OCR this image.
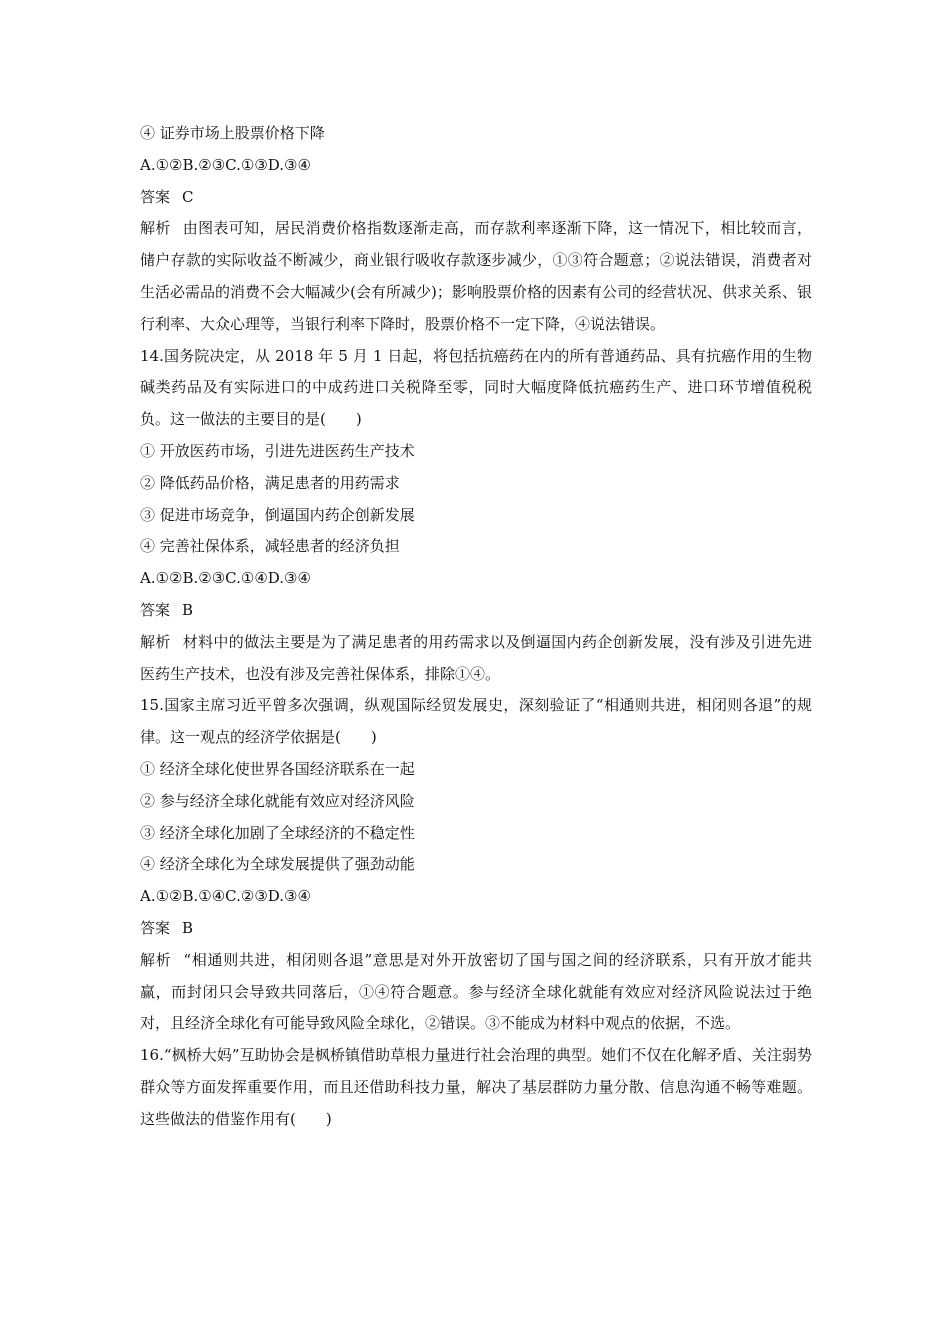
④ 证券市场上股票价格下降
A.①②B.②③C.①③D.③④
答案 C
解析 由图表可知，居民消费价格指数逐渐走高，而存款利率逐渐下降，这一情况下，相比较而言，储户存款的实际收益不断减少，商业银行吸收存款逐步减少，①③符合题意；②说法错误，消费者对生活必需品的消费不会大幅减少(会有所减少)；影响股票价格的因素有公司的经营状况、供求关系、银行利率、大众心理等，当银行利率下降时，股票价格不一定下降，④说法错误。
14.国务院决定，从 2018 年 5 月 1 日起，将包括抗癌药在内的所有普通药品、具有抗癌作用的生物碱类药品及有实际进口的中成药进口关税降至零，同时大幅度降低抗癌药生产、进口环节增值税税负。这一做法的主要目的是(　　)
① 开放医药市场，引进先进医药生产技术
② 降低药品价格，满足患者的用药需求
③ 促进市场竞争，倒逼国内药企创新发展
④ 完善社保体系，减轻患者的经济负担
A.①②B.②③C.①④D.③④
答案 B
解析 材料中的做法主要是为了满足患者的用药需求以及倒逼国内药企创新发展，没有涉及引进先进医药生产技术，也没有涉及完善社保体系，排除①④。
15.国家主席习近平曾多次强调，纵观国际经贸发展史，深刻验证了“相通则共进，相闭则各退”的规律。这一观点的经济学依据是(　　)
① 经济全球化使世界各国经济联系在一起
② 参与经济全球化就能有效应对经济风险
③ 经济全球化加剧了全球经济的不稳定性
④ 经济全球化为全球发展提供了强劲动能
A.①②B.①④C.②③D.③④
答案 B
解析 “相通则共进，相闭则各退”意思是对外开放密切了国与国之间的经济联系，只有开放才能共赢，而封闭只会导致共同落后，①④符合题意。参与经济全球化就能有效应对经济风险说法过于绝对，且经济全球化有可能导致风险全球化，②错误。③不能成为材料中观点的依据，不选。
16.“枫桥大妈”互助协会是枫桥镇借助草根力量进行社会治理的典型。她们不仅在化解矛盾、关注弱势群众等方面发挥重要作用，而且还借助科技力量，解决了基层群防力量分散、信息沟通不畅等难题。这些做法的借鉴作用有(　　)
